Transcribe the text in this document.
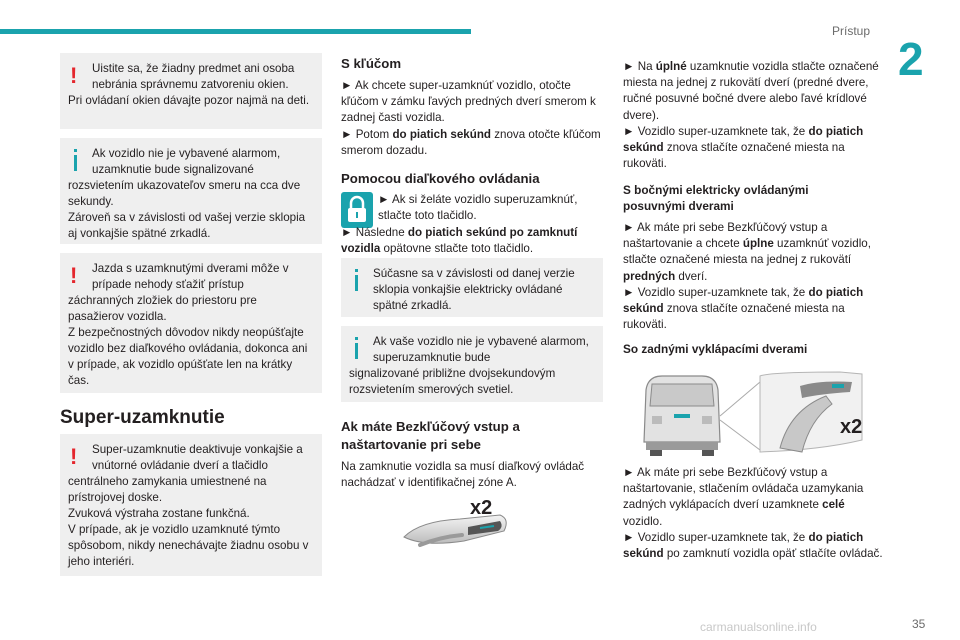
Prístup
2
35
!	Uistite sa, že žiadny predmet ani osoba nebránia správnemu zatvoreniu okien.

Pri ovládaní okien dávajte pozor najmä na deti.

Ak vozidlo nie je vybavené alarmom, uzamknutie bude signalizované

rozsvietením ukazovateľov smeru na cca dve sekundy.

Zároveň sa v závislosti od vašej verzie sklopia aj vonkajšie spätné zrkadlá.

!	Jazda s uzamknutými dverami môže v prípade nehody sťažiť prístup

záchranných zložiek do priestoru pre pasažierov vozidla.

Z bezpečnostných dôvodov nikdy neopúšťajte vozidlo bez diaľkového ovládania, dokonca ani v prípade, ak vozidlo opúšťate len na krátky čas.

Super-uzamknutie
!	Super-uzamknutie deaktivuje vonkajšie a vnútorné ovládanie dverí a tlačidlo

centrálneho zamykania umiestnené na prístrojovej doske.

Zvuková výstraha zostane funkčná.

V prípade, ak je vozidlo uzamknuté týmto spôsobom, nikdy nenechávajte žiadnu osobu v jeho interiéri.

S kľúčom

► Ak chcete super-uzamknúť vozidlo, otočte kľúčom v zámku ľavých predných dverí smerom k zadnej časti vozidla.

► Potom do piatich sekúnd znova otočte kľúčom smerom dozadu.

Pomocou diaľkového ovládania
► Ak si želáte vozidlo superuzamknúť, stlačte toto tlačidlo.

► Následne do piatich sekúnd po zamknutí vozidla opätovne stlačte toto tlačidlo.

Súčasne sa v závislosti od danej verzie sklopia vonkajšie elektricky ovládané spätné zrkadlá.

Ak vaše vozidlo nie je vybavené alarmom, superuzamknutie bude

signalizované približne dvojsekundovým rozsvietením smerových svetiel.

Ak máte Bezkľúčový vstup a naštartovanie pri sebe
Na zamknutie vozidla sa musí diaľkový ovládač nachádzať v identifikačnej zóne A.
x2

► Na úplné uzamknutie vozidla stlačte označené miesta na jednej z rukovätí dverí (predné dvere, ručné posuvné bočné dvere alebo ľavé krídlové dvere).

► Vozidlo super-uzamknete tak, že do piatich sekúnd znova stlačíte označené miesta na rukoväti.

S bočnými elektricky ovládanými posuvnými dverami

► Ak máte pri sebe Bezkľúčový vstup a naštartovanie a chcete úplne uzamknúť vozidlo, stlačte označené miesta na jednej z rukovätí predných dverí.

► Vozidlo super-uzamknete tak, že do piatich sekúnd znova stlačíte označené miesta na rukoväti.

So zadnými vyklápacími dverami
x2

► Ak máte pri sebe Bezkľúčový vstup a naštartovanie, stlačením ovládača uzamykania zadných vyklápacích dverí uzamknete celé vozidlo.

► Vozidlo super-uzamknete tak, že do piatich sekúnd po zamknutí vozidla opäť stlačíte ovládač.

carmanualsonline.info
